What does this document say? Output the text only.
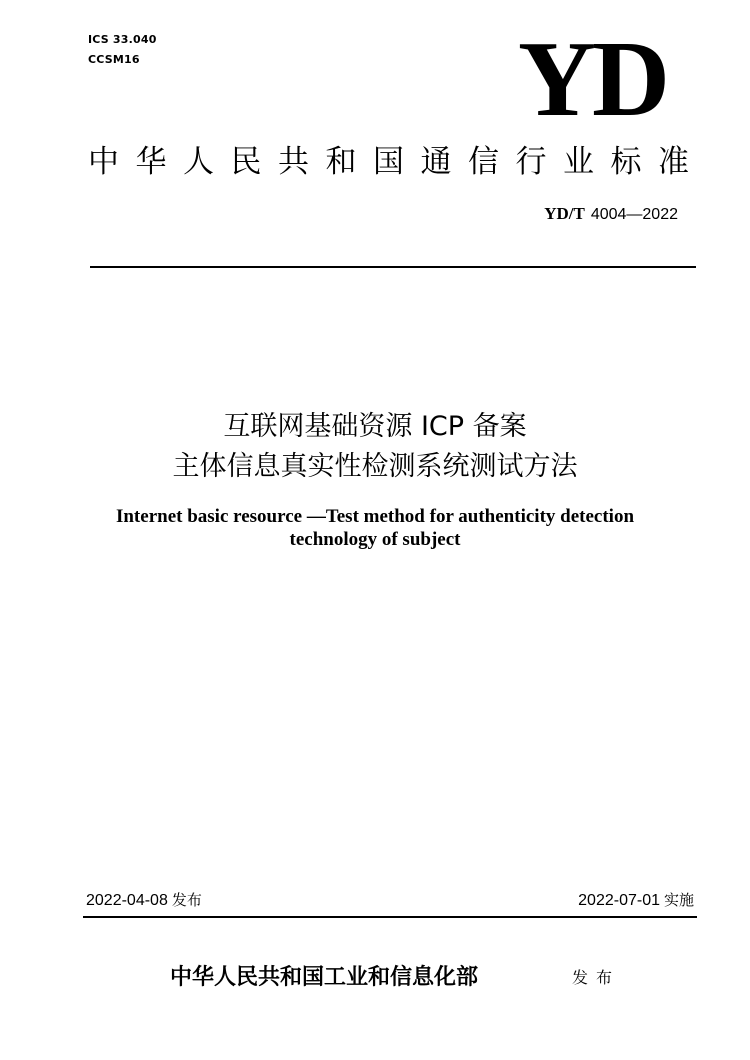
ICS 33.040
CCSM16	YD
中华人民共和国通信行业标准
YD/T 4004—2022
互联网基础资源 ICP 备案
主体信息真实性检测系统测试方法
Internet basic resource —Test method for authenticity detection
technology of subject
2022-04-08 发布	2022-07-01 实施
中华人民共和国工业和信息化部	发布
